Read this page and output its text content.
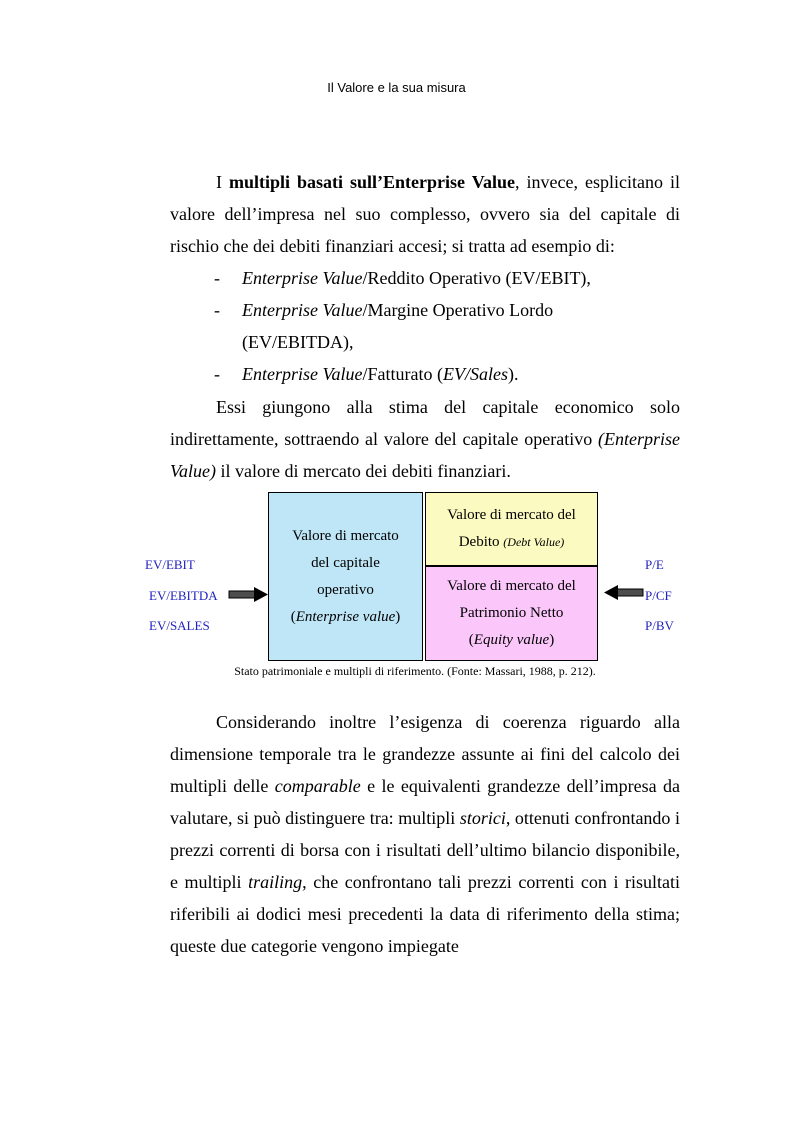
Il Valore e la sua misura
I multipli basati sull’Enterprise Value, invece, esplicitano il valore dell’impresa nel suo complesso, ovvero sia del capitale di rischio che dei debiti finanziari accesi; si tratta ad esempio di:
- Enterprise Value/Reddito Operativo (EV/EBIT),
- Enterprise Value/Margine Operativo Lordo
(EV/EBITDA),
- Enterprise Value/Fatturato (EV/Sales).
Essi giungono alla stima del capitale economico solo indirettamente, sottraendo al valore del capitale operativo (Enterprise Value) il valore di mercato dei debiti finanziari.
Valore di mercato
del capitale
operativo
(Enterprise value)
Valore di mercato del
Debito (Debt Value)
Valore di mercato del
Patrimonio Netto
(Equity value)
EV/EBIT
EV/EBITDA
EV/SALES
P/E
P/CF
P/BV
Stato patrimoniale e multipli di riferimento. (Fonte: Massari, 1988, p. 212).
Considerando inoltre l’esigenza di coerenza riguardo alla dimensione temporale tra le grandezze assunte ai fini del calcolo dei multipli delle comparable e le equivalenti grandezze dell’impresa da valutare, si può distinguere tra: multipli storici, ottenuti confrontando i prezzi correnti di borsa con i risultati dell’ultimo bilancio disponibile, e multipli trailing, che confrontano tali prezzi correnti con i risultati riferibili ai dodici mesi precedenti la data di riferimento della stima; queste due categorie vengono impiegate
